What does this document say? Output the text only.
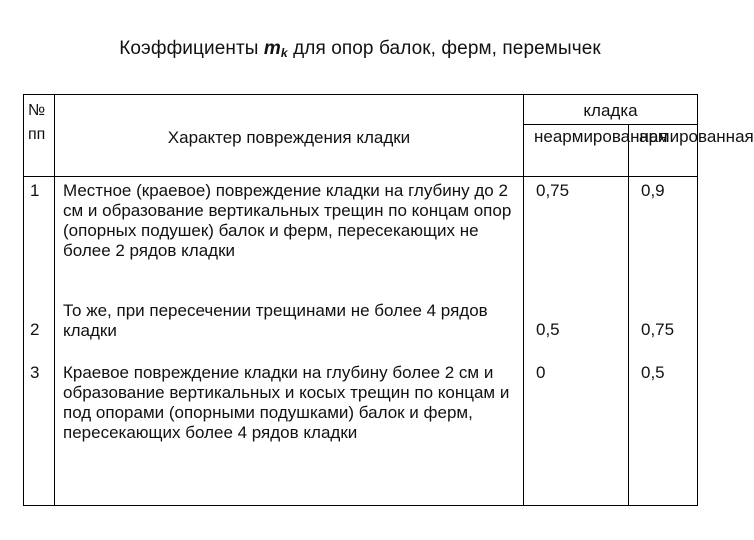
Коэффициенты $m_k$ для опор балок, ферм, перемычек
№ пп	Характер повреждения кладки	кладка	
		неармированная	армированная
1	Местное (краевое) повреждение кладки на глубину до 2 см и образование вертикальных трещин по концам опор (опорных подушек) балок и ферм, пересекающих не более 2 рядов кладки	0,75	0,9
2	То же, при пересечении трещинами не более 4 рядов кладки	0,5	0,75
3	Краевое повреждение кладки на глубину более 2 см и образование вертикальных и косых трещин по концам и под опорами (опорными подушками) балок и ферм, пересекающих более 4 рядов кладки	0	0,5
